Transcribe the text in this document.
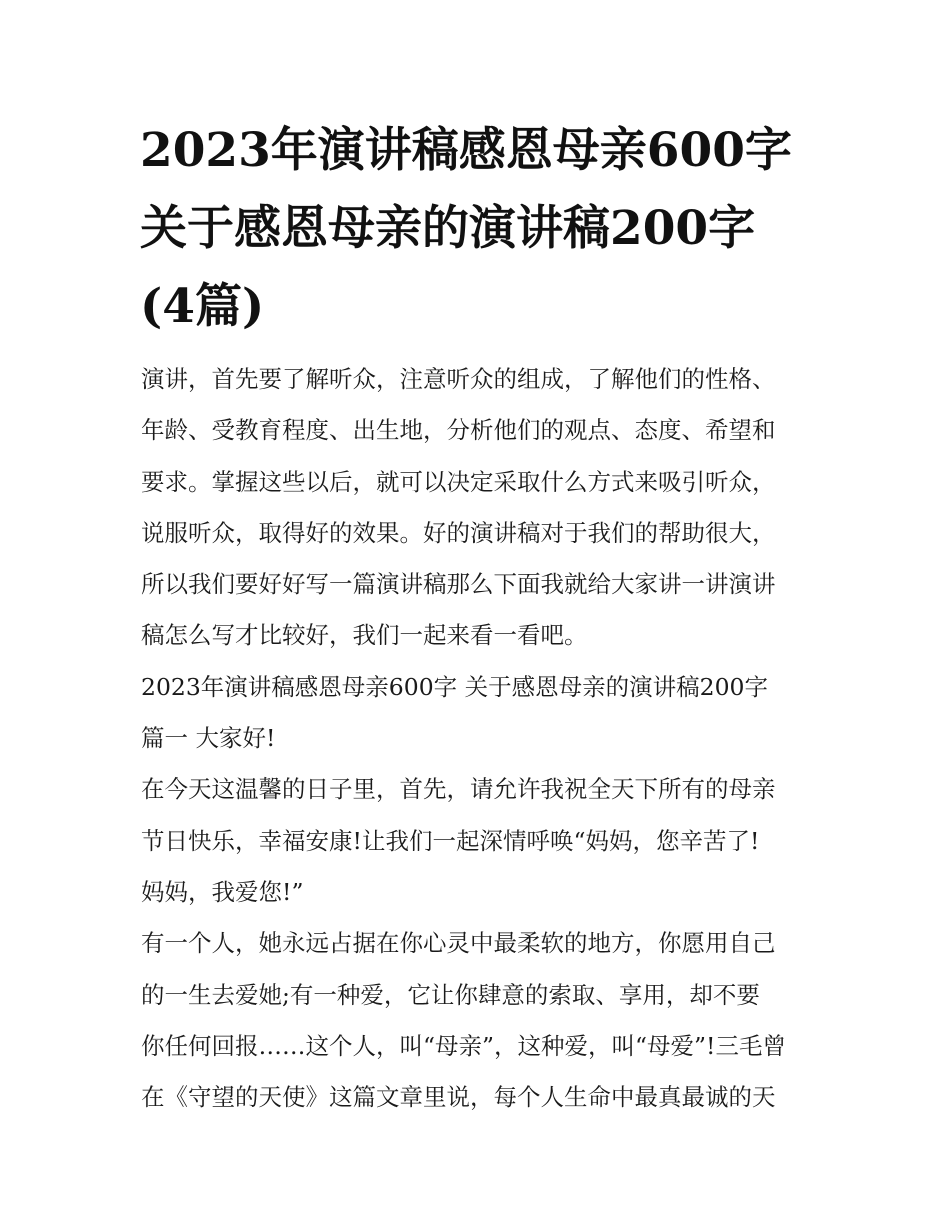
2023年演讲稿感恩母亲600字
关于感恩母亲的演讲稿200字
(4篇)
演讲，首先要了解听众，注意听众的组成，了解他们的性格、
年龄、受教育程度、出生地，分析他们的观点、态度、希望和
要求。掌握这些以后，就可以决定采取什么方式来吸引听众，
说服听众，取得好的效果。好的演讲稿对于我们的帮助很大，
所以我们要好好写一篇演讲稿那么下面我就给大家讲一讲演讲
稿怎么写才比较好，我们一起来看一看吧。
2023年演讲稿感恩母亲600字 关于感恩母亲的演讲稿200字
篇一 大家好!
在今天这温馨的日子里，首先，请允许我祝全天下所有的母亲
节日快乐，幸福安康!让我们一起深情呼唤“妈妈，您辛苦了!
妈妈，我爱您!”
有一个人，她永远占据在你心灵中最柔软的地方，你愿用自己
的一生去爱她;有一种爱，它让你肆意的索取、享用，却不要
你任何回报……这个人，叫“母亲”，这种爱，叫“母爱”!三毛曾
在《守望的天使》这篇文章里说，每个人生命中最真最诚的天
